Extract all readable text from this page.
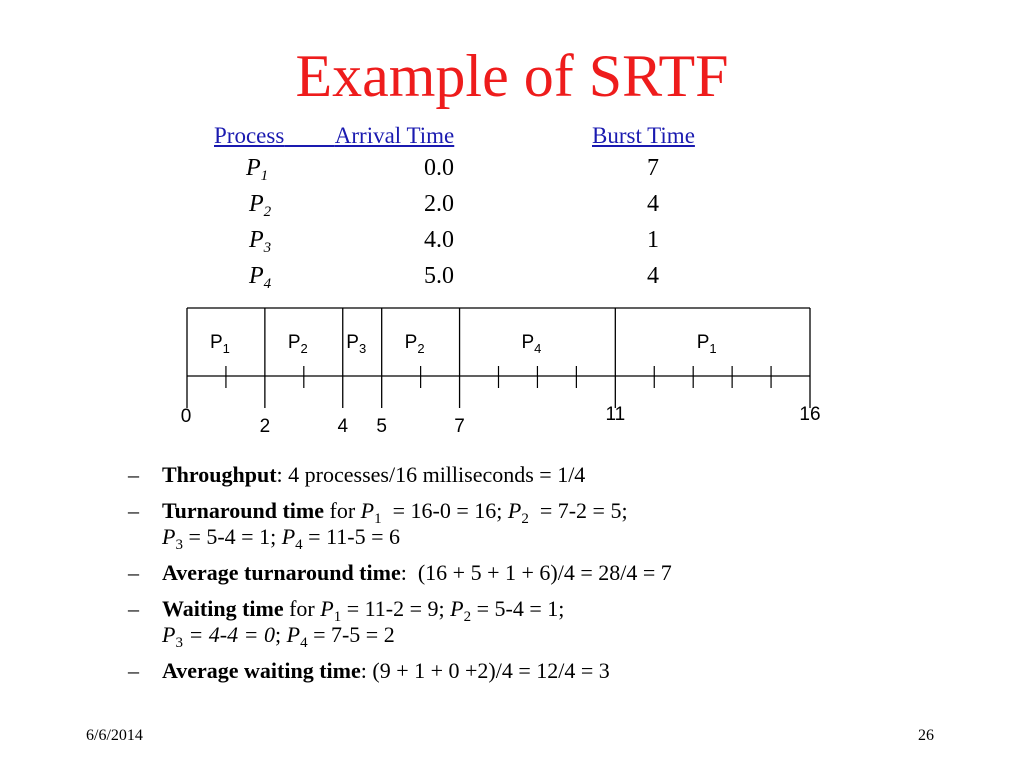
Example of SRTF
Process Arrival Time	Burst Time
$P_1$	0.0	7
$P_2$	2.0	4
$P_3$	4.0	1
$P_4$	5.0	4
$P_1$	$P_2$ $P_3$ $P_2$	$P_4$	$P_1$
0	2	4 5	7
11	16
– Throughput: 4 processes/16 milliseconds = 1/4
– Turnaround time for $P_1 = 16-0 = 16$; $P_2 = 7-2 = 5$;
$P_3 = 5-4 = 1$; $P_4 = 11-5 = 6$
– Average turnaround time:  (16 + 5 + 1 + 6)/4 = 28/4 = 7
– Waiting time for $P_1 = 11-2 = 9$; $P_2 = 5-4 = 1$;
$P_3 = 4-4 = 0$; $P_4 = 7-5 = 2$
– Average waiting time: (9 + 1 + 0 +2)/4 = 12/4 = 3
6/6/2014	26
